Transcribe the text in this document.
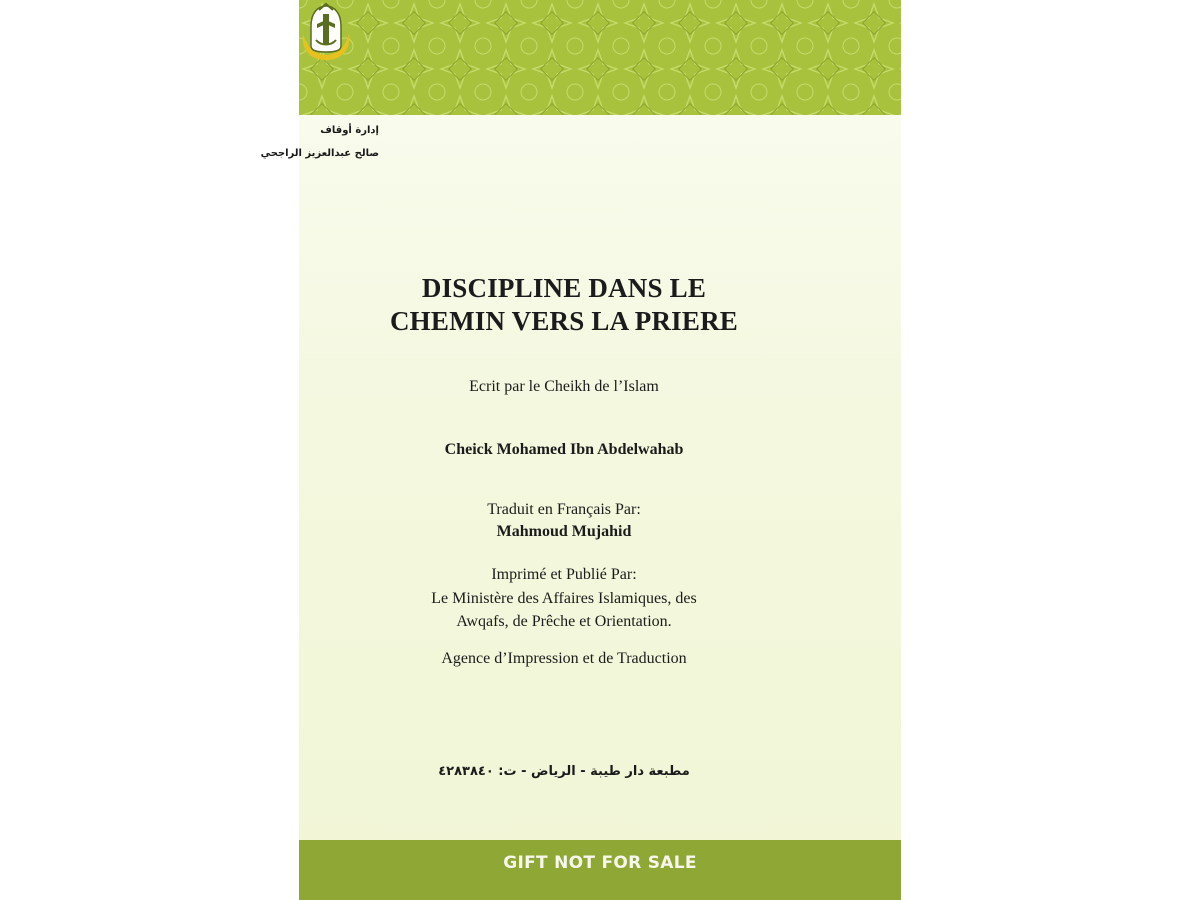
إدارة أوقاف
صالح عبدالعزيز الراجحي
DISCIPLINE DANS LE
CHEMIN VERS LA PRIERE
Ecrit par le Cheikh de l’Islam
Cheick Mohamed Ibn Abdelwahab
Traduit en Français Par:
Mahmoud Mujahid
Imprimé et Publié Par:
Le Ministère des Affaires Islamiques, des
Awqafs, de Prêche et Orientation.
Agence d’Impression et de Traduction
مطبعة دار طيبة - الرياض - ت: ٤٢٨٣٨٤٠
GIFT NOT FOR SALE
